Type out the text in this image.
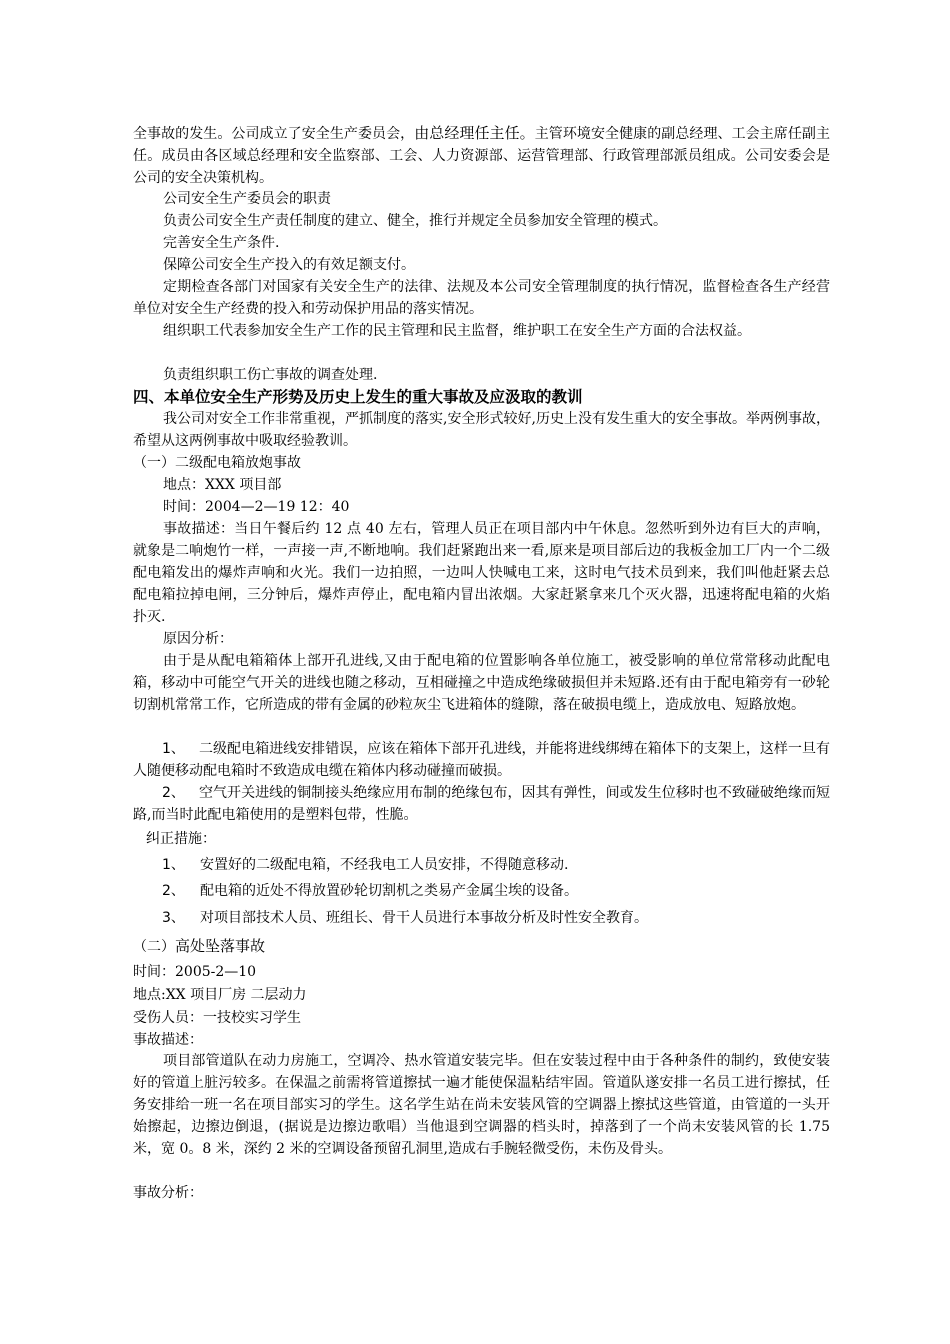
全事故的发生。公司成立了安全生产委员会，由总经理任主任。主管环境安全健康的副总经理、工会主席任副主任。成员由各区域总经理和安全监察部、工会、人力资源部、运营管理部、行政管理部派员组成。公司安委会是公司的安全决策机构。

公司安全生产委员会的职责

负责公司安全生产责任制度的建立、健全，推行并规定全员参加安全管理的模式。

完善安全生产条件.

保障公司安全生产投入的有效足额支付。

定期检查各部门对国家有关安全生产的法律、法规及本公司安全管理制度的执行情况，监督检查各生产经营单位对安全生产经费的投入和劳动保护用品的落实情况。

组织职工代表参加安全生产工作的民主管理和民主监督，维护职工在安全生产方面的合法权益。

负责组织职工伤亡事故的调查处理.

四、本单位安全生产形势及历史上发生的重大事故及应汲取的教训

我公司对安全工作非常重视，严抓制度的落实,安全形式较好,历史上没有发生重大的安全事故。举两例事故，希望从这两例事故中吸取经验教训。

（一）二级配电箱放炮事故

地点：XXX 项目部

时间：2004—2—19 12：40

事故描述：当日午餐后约 12 点 40 左右，管理人员正在项目部内中午休息。忽然听到外边有巨大的声响，就象是二响炮竹一样，一声接一声,不断地响。我们赶紧跑出来一看,原来是项目部后边的我板金加工厂内一个二级配电箱发出的爆炸声响和火光。我们一边拍照，一边叫人快喊电工来，这时电气技术员到来，我们叫他赶紧去总配电箱拉掉电闸，三分钟后，爆炸声停止，配电箱内冒出浓烟。大家赶紧拿来几个灭火器，迅速将配电箱的火焰扑灭.

原因分析：

由于是从配电箱箱体上部开孔进线,又由于配电箱的位置影响各单位施工，被受影响的单位常常移动此配电箱，移动中可能空气开关的进线也随之移动，互相碰撞之中造成绝缘破损但并未短路.还有由于配电箱旁有一砂轮切割机常常工作，它所造成的带有金属的砂粒灰尘飞进箱体的缝隙，落在破损电缆上，造成放电、短路放炮。

1、	二级配电箱进线安排错误，应该在箱体下部开孔进线，并能将进线绑缚在箱体下的支架上，这样一旦有人随便移动配电箱时不致造成电缆在箱体内移动碰撞而破损。

2、	空气开关进线的铜制接头绝缘应用布制的绝缘包布，因其有弹性，间或发生位移时也不致碰破绝缘而短路,而当时此配电箱使用的是塑料包带，性脆。

纠正措施：

1、 安置好的二级配电箱，不经我电工人员安排，不得随意移动.

2、 配电箱的近处不得放置砂轮切割机之类易产金属尘埃的设备。

3、 对项目部技术人员、班组长、骨干人员进行本事故分析及时性安全教育。

（二）高处坠落事故

时间：2005-2—10

地点:XX 项目厂房 二层动力

受伤人员：一技校实习学生

事故描述：

项目部管道队在动力房施工，空调冷、热水管道安装完毕。但在安装过程中由于各种条件的制约，致使安装好的管道上脏污较多。在保温之前需将管道擦拭一遍才能使保温粘结牢固。管道队遂安排一名员工进行擦拭，任务安排给一班一名在项目部实习的学生。这名学生站在尚未安装风管的空调器上擦拭这些管道，由管道的一头开始擦起，边擦边倒退，(据说是边擦边歌唱）当他退到空调器的档头时，掉落到了一个尚未安装风管的长 1.75 米，宽 0。8 米，深约 2 米的空调设备预留孔洞里,造成右手腕轻微受伤，未伤及骨头。

事故分析：
